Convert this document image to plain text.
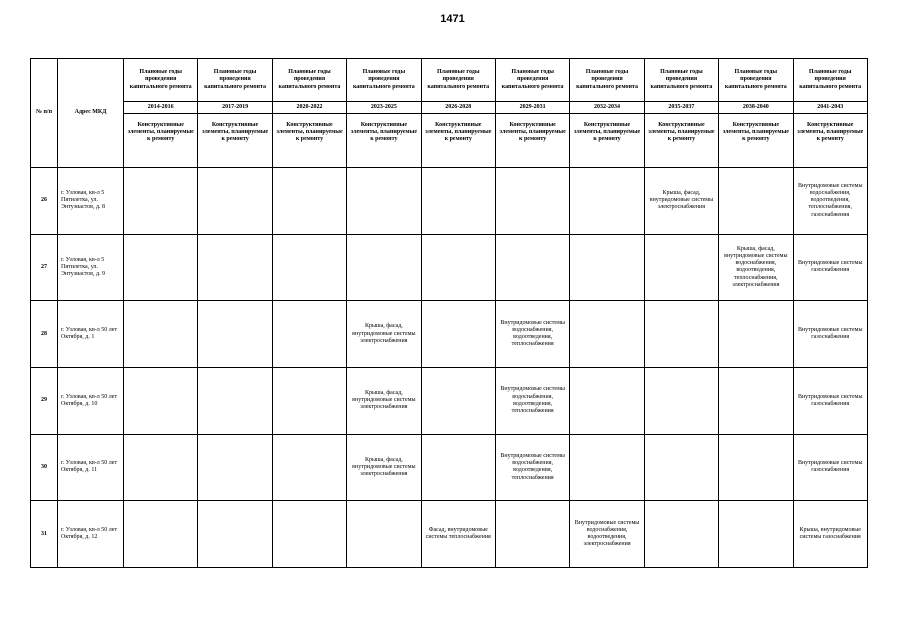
1471
№ п/п	Адрес МКД	Плановые годы проведения капитального ремонта	Плановые годы проведения капитального ремонта	Плановые годы проведения капитального ремонта	Плановые годы проведения капитального ремонта	Плановые годы проведения капитального ремонта	Плановые годы проведения капитального ремонта	Плановые годы проведения капитального ремонта	Плановые годы проведения капитального ремонта	Плановые годы проведения капитального ремонта	Плановые годы проведения капитального ремонта
		2014-2016	2017-2019	2020-2022	2023-2025	2026-2028	2029-2031	2032-2034	2035-2037	2038-2040	2041-2043
		Конструктивные элементы, планируемые к ремонту	Конструктивные элементы, планируемые к ремонту	Конструктивные элементы, планируемые к ремонту	Конструктивные элементы, планируемые к ремонту	Конструктивные элементы, планируемые к ремонту	Конструктивные элементы, планируемые к ремонту	Конструктивные элементы, планируемые к ремонту	Конструктивные элементы, планируемые к ремонту	Конструктивные элементы, планируемые к ремонту	Конструктивные элементы, планируемые к ремонту
26	г. Узловая, кв-л 5 Пятилетка, ул. Энтузиастов, д. 8								Крыша, фасад, внутридомовые системы электроснабжения		Внутридомовые системы водоснабжения, водоотведения, теплоснабжения, газоснабжения
27	г. Узловая, кв-л 5 Пятилетка, ул. Энтузиастов, д. 9									Крыша, фасад, внутридомовые системы водоснабжения, водоотведения, теплоснабжения, электроснабжения	Внутридомовые системы газоснабжения
28	г. Узловая, кв-л 50 лет Октября, д. 1				Крыша, фасад, внутридомовые системы электроснабжения		Внутридомовые системы водоснабжения, водоотведения, теплоснабжения				Внутридомовые системы газоснабжения
29	г. Узловая, кв-л 50 лет Октября, д. 10				Крыша, фасад, внутридомовые системы электроснабжения		Внутридомовые системы водоснабжения, водоотведения, теплоснабжения				Внутридомовые системы газоснабжения
30	г. Узловая, кв-л 50 лет Октября, д. 11				Крыша, фасад, внутридомовые системы электроснабжения		Внутридомовые системы водоснабжения, водоотведения, теплоснабжения				Внутридомовые системы газоснабжения
31	г. Узловая, кв-л 50 лет Октября, д. 12					Фасад, внутридомовые системы теплоснабжения		Внутридомовые системы водоснабжения, водоотведения, электроснабжения			Крыша, внутридомовые системы газоснабжения
